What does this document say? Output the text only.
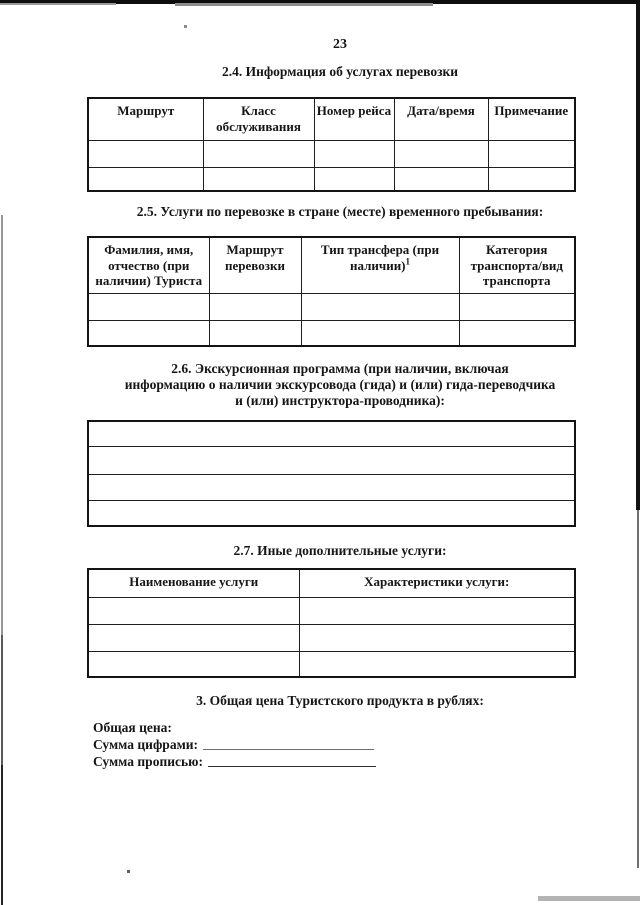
23
2.4. Информация об услугах перевозки
Маршрут	Класс обслуживания	Номер рейса	Дата/время	Примечание

2.5. Услуги по перевозке в стране (месте) временного пребывания:
Фамилия, имя, отчество (при наличии) Туриста	Маршрут перевозки	Тип трансфера (при наличии)$^1$	Категория транспорта/вид транспорта

2.6. Экскурсионная программа (при наличии, включая
информацию о наличии экскурсовода (гида) и (или) гида-переводчика
и (или) инструктора-проводника):

2.7. Иные дополнительные услуги:
Наименование услуги	Характеристики услуги:

3. Общая цена Туристского продукта в рублях:
Общая цена:
Сумма цифрами:
Сумма прописью:
